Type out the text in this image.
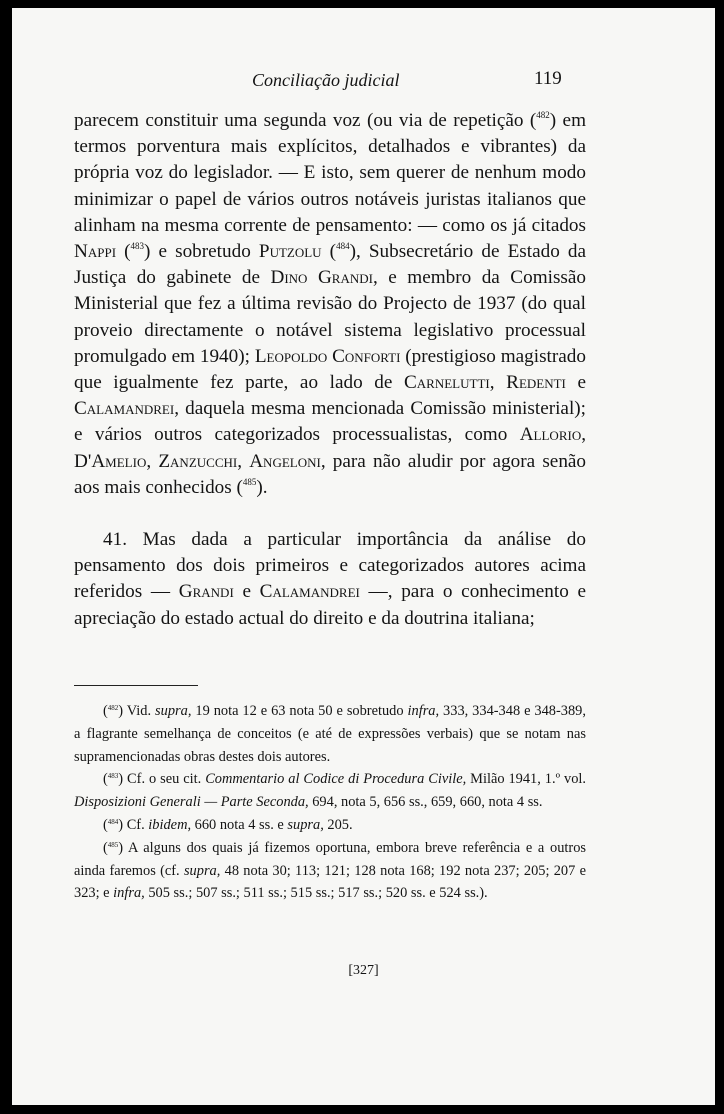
Conciliação judicial	119

parecem constituir uma segunda voz (ou via de repetição ($^{482}$) em termos porventura mais explícitos, detalhados e vibrantes) da própria voz do legislador. — E isto, sem querer de nenhum modo minimizar o papel de vários outros notáveis juristas italianos que alinham na mesma corrente de pensamento: — como os já citados Nappi ($^{483}$) e sobretudo Putzolu ($^{484}$), Subsecretário de Estado da Justiça do gabinete de Dino Grandi, e membro da Comissão Ministerial que fez a última revisão do Projecto de 1937 (do qual proveio directamente o notável sistema legislativo processual promulgado em 1940); Leopoldo Conforti (prestigioso magistrado que igualmente fez parte, ao lado de Carnelutti, Redenti e Calamandrei, daquela mesma mencionada Comissão ministerial); e vários outros categorizados processualistas, como Allorio, D'Amelio, Zanzucchi, Angeloni, para não aludir por agora senão aos mais conhecidos ($^{485}$).

41. Mas dada a particular importância da análise do pensamento dos dois primeiros e categorizados autores acima referidos — Grandi e Calamandrei —, para o conhecimento e apreciação do estado actual do direito e da doutrina italiana;

($^{482}$) Vid. supra, 19 nota 12 e 63 nota 50 e sobretudo infra, 333, 334-348 e 348-389, a flagrante semelhança de conceitos (e até de expressões verbais) que se notam nas supramencionadas obras destes dois autores.

($^{483}$) Cf. o seu cit. Commentario al Codice di Procedura Civile, Milão 1941, 1.º vol. Disposizioni Generali — Parte Seconda, 694, nota 5, 656 ss., 659, 660, nota 4 ss.

($^{484}$) Cf. ibidem, 660 nota 4 ss. e supra, 205.

($^{485}$) A alguns dos quais já fizemos oportuna, embora breve referência e a outros ainda faremos (cf. supra, 48 nota 30; 113; 121; 128 nota 168; 192 nota 237; 205; 207 e 323; e infra, 505 ss.; 507 ss.; 511 ss.; 515 ss.; 517 ss.; 520 ss. e 524 ss.).

[327]
